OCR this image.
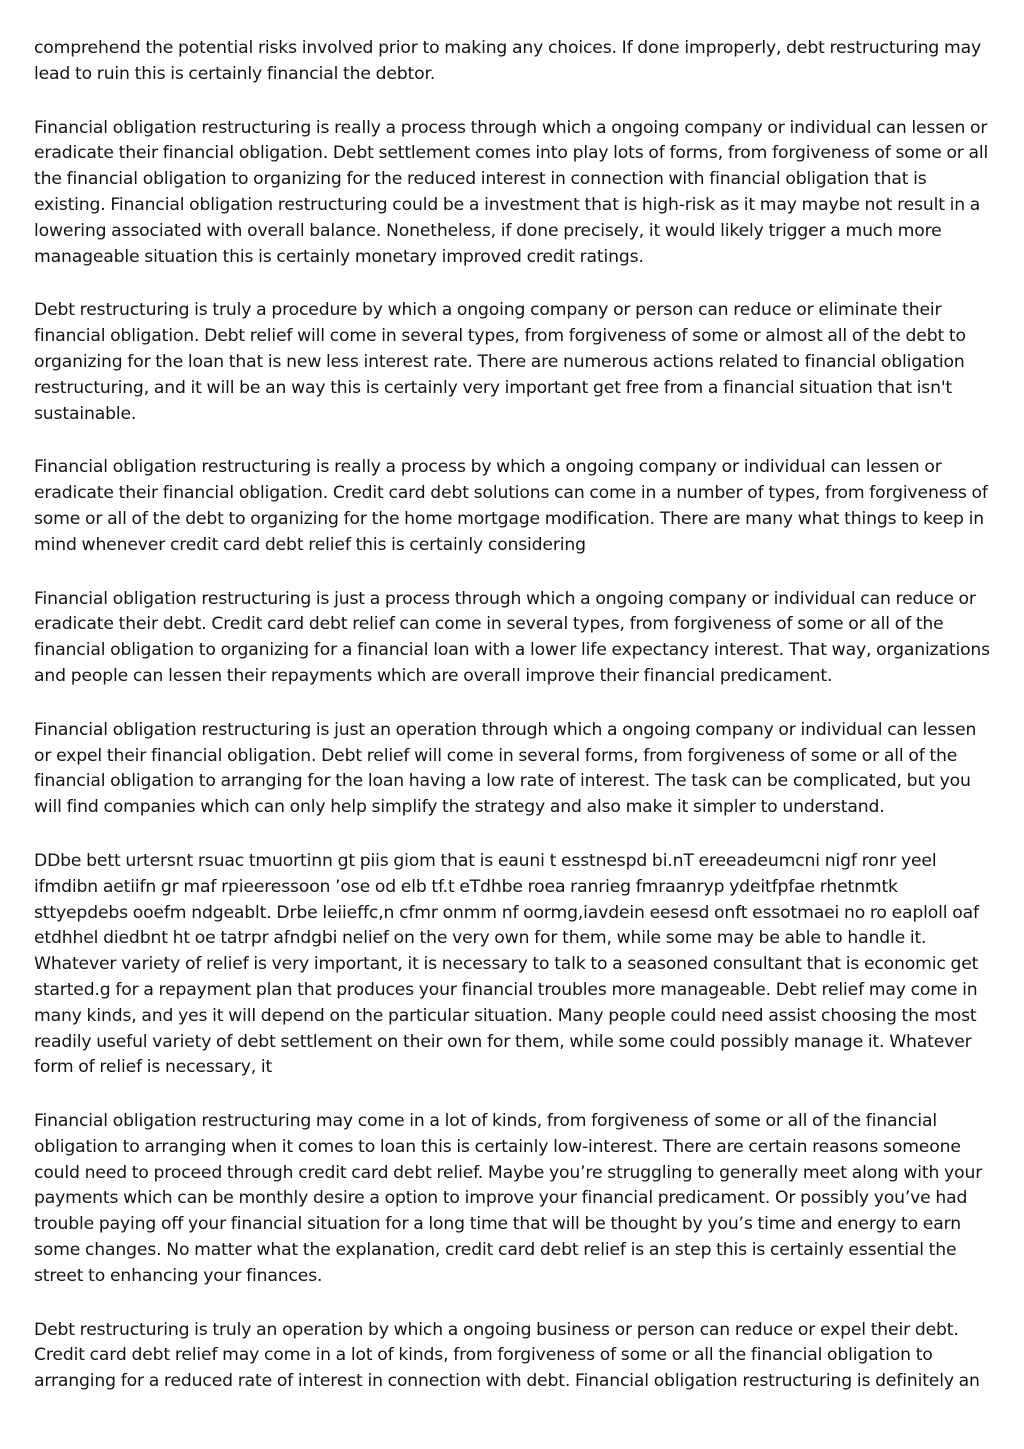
comprehend the potential risks involved prior to making any choices. If done improperly, debt restructuring may lead to ruin this is certainly financial the debtor.

Financial obligation restructuring is really a process through which a ongoing company or individual can lessen or eradicate their financial obligation. Debt settlement comes into play lots of forms, from forgiveness of some or all the financial obligation to organizing for the reduced interest in connection with financial obligation that is existing. Financial obligation restructuring could be a investment that is high-risk as it may maybe not result in a lowering associated with overall balance. Nonetheless, if done precisely, it would likely trigger a much more manageable situation this is certainly monetary improved credit ratings.

Debt restructuring is truly a procedure by which a ongoing company or person can reduce or eliminate their financial obligation. Debt relief will come in several types, from forgiveness of some or almost all of the debt to organizing for the loan that is new less interest rate. There are numerous actions related to financial obligation restructuring, and it will be an way this is certainly very important get free from a financial situation that isn't sustainable.

Financial obligation restructuring is really a process by which a ongoing company or individual can lessen or eradicate their financial obligation. Credit card debt solutions can come in a number of types, from forgiveness of some or all of the debt to organizing for the home mortgage modification. There are many what things to keep in mind whenever credit card debt relief this is certainly considering

Financial obligation restructuring is just a process through which a ongoing company or individual can reduce or eradicate their debt. Credit card debt relief can come in several types, from forgiveness of some or all of the financial obligation to organizing for a financial loan with a lower life expectancy interest. That way, organizations and people can lessen their repayments which are overall improve their financial predicament.

Financial obligation restructuring is just an operation through which a ongoing company or individual can lessen or expel their financial obligation. Debt relief will come in several forms, from forgiveness of some or all of the financial obligation to arranging for the loan having a low rate of interest. The task can be complicated, but you will find companies which can only help simplify the strategy and also make it simpler to understand.

DDbe bett urtersnt rsuac tmuortinn gt piis giom that is eauni t esstnespd bi.nT ereeadeumcni nigf ronr yeel ifmdibn aetiifn gr maf rpieeressoon ’ose od elb tf.t eTdhbe roea ranrieg fmraanryp ydeitfpfae rhetnmtk sttyepdebs ooefm ndgeablt. Drbe leiieffc,n cfmr onmm nf oormg,iavdein eesesd onft essotmaei no ro eaploll oaf etdhhel diedbnt ht oe tatrpr afndgbi nelief on the very own for them, while some may be able to handle it. Whatever variety of relief is very important, it is necessary to talk to a seasoned consultant that is economic get started.g for a repayment plan that produces your financial troubles more manageable. Debt relief may come in many kinds, and yes it will depend on the particular situation. Many people could need assist choosing the most readily useful variety of debt settlement on their own for them, while some could possibly manage it. Whatever form of relief is necessary, it

Financial obligation restructuring may come in a lot of kinds, from forgiveness of some or all of the financial obligation to arranging when it comes to loan this is certainly low-interest. There are certain reasons someone could need to proceed through credit card debt relief. Maybe you’re struggling to generally meet along with your payments which can be monthly desire a option to improve your financial predicament. Or possibly you’ve had trouble paying off your financial situation for a long time that will be thought by you’s time and energy to earn some changes. No matter what the explanation, credit card debt relief is an step this is certainly essential the street to enhancing your finances.

Debt restructuring is truly an operation by which a ongoing business or person can reduce or expel their debt. Credit card debt relief may come in a lot of kinds, from forgiveness of some or all the financial obligation to arranging for a reduced rate of interest in connection with debt. Financial obligation restructuring is definitely an
